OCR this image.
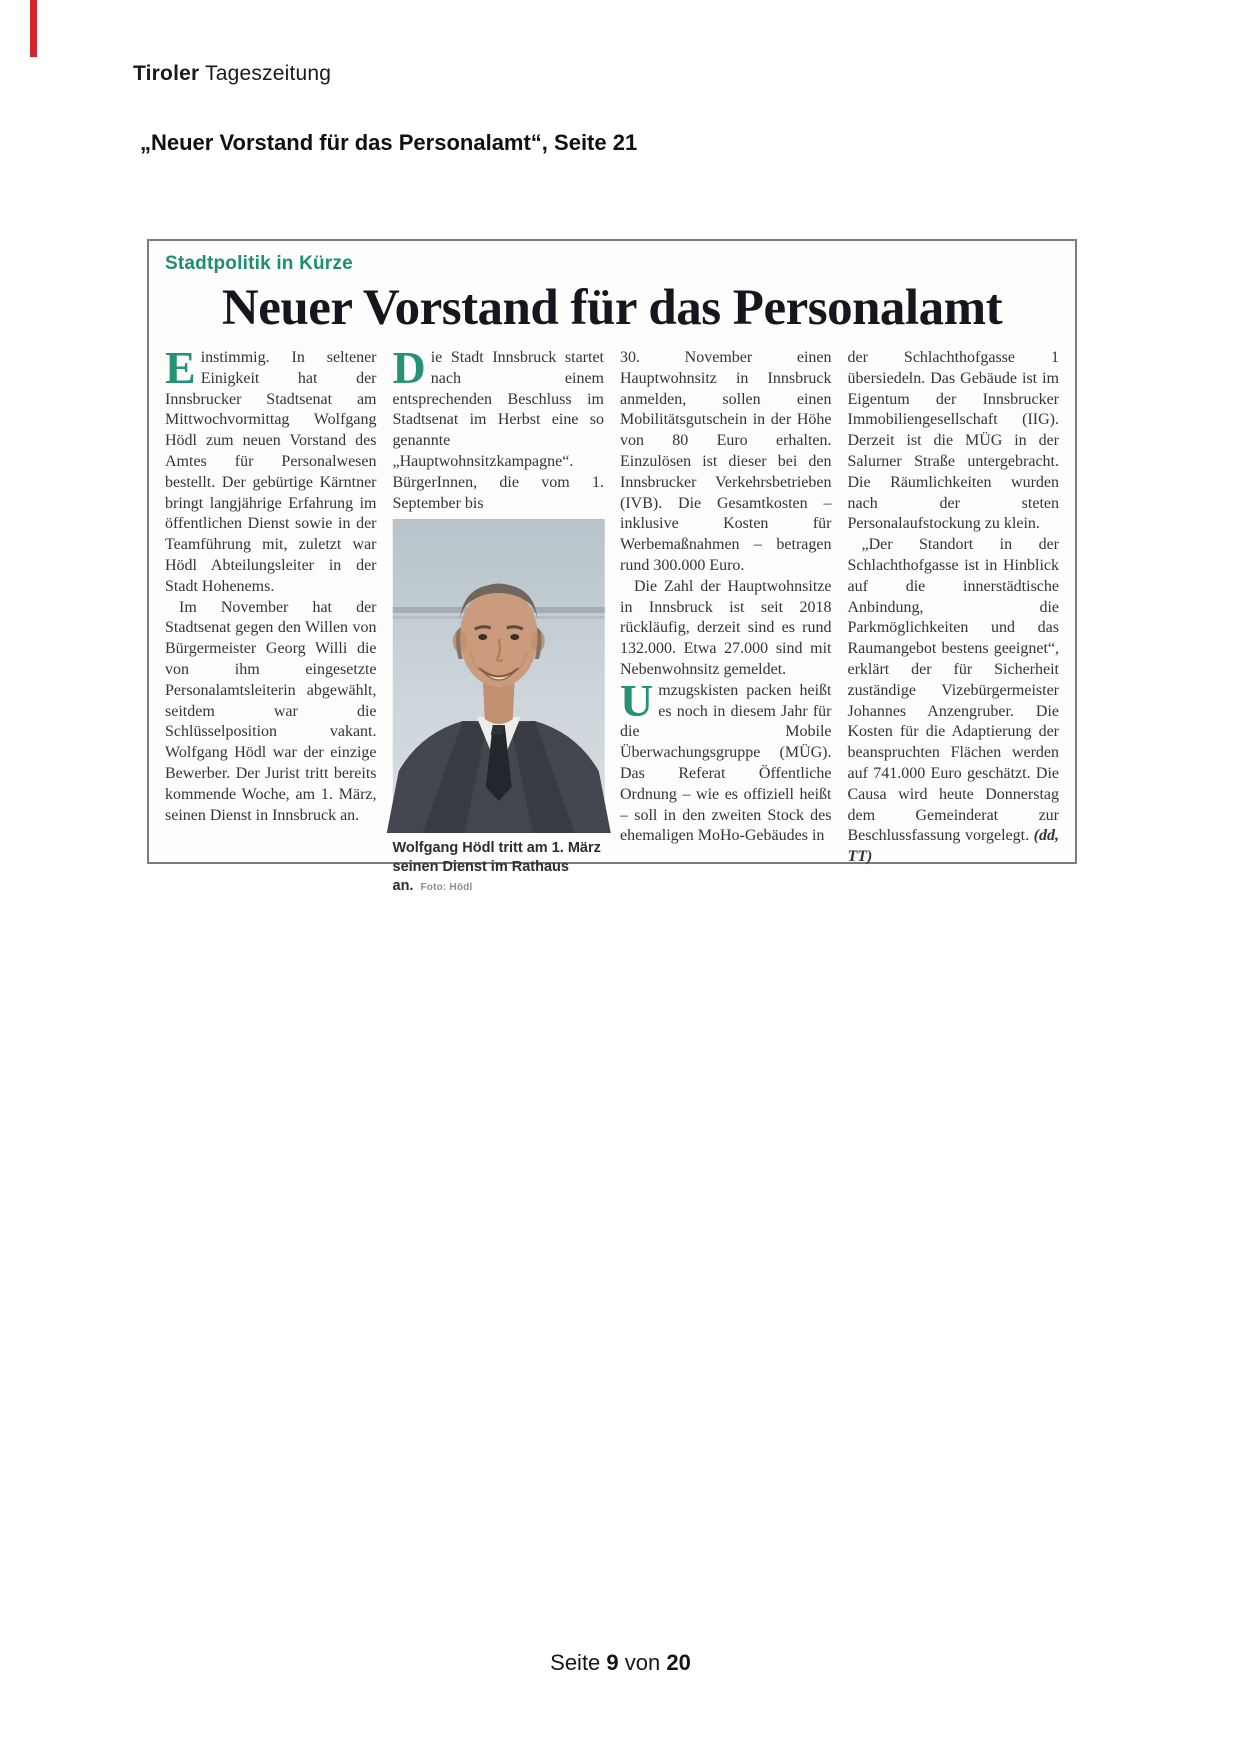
Tiroler Tageszeitung
„Neuer Vorstand für das Personalamt“, Seite 21
Stadtpolitik in Kürze
Neuer Vorstand für das Personalamt

Einstimmig. In seltener Einigkeit hat der Innsbrucker Stadtsenat am Mittwochvormittag Wolfgang Hödl zum neuen Vorstand des Amtes für Personalwesen bestellt. Der gebürtige Kärntner bringt langjährige Erfahrung im öffentlichen Dienst sowie in der Teamführung mit, zuletzt war Hödl Abteilungsleiter in der Stadt Hohenems.

Im November hat der Stadtsenat gegen den Willen von Bürgermeister Georg Willi die von ihm eingesetzte Personalamtsleiterin abgewählt, seitdem war die Schlüsselposition vakant. Wolfgang Hödl war der einzige Bewerber. Der Jurist tritt bereits kommende Woche, am 1. März, seinen Dienst in Innsbruck an.

Die Stadt Innsbruck startet nach einem entsprechenden Beschluss im Stadtsenat im Herbst eine so genannte „Hauptwohnsitzkampagne“. BürgerInnen, die vom 1. September bis

Wolfgang Hödl tritt am 1. März seinen Dienst im Rathaus an. Foto: Hödl

30. November einen Hauptwohnsitz in Innsbruck anmelden, sollen einen Mobilitätsgutschein in der Höhe von 80 Euro erhalten. Einzulösen ist dieser bei den Innsbrucker Verkehrsbetrieben (IVB). Die Gesamtkosten – inklusive Kosten für Werbemaßnahmen – betragen rund 300.000 Euro.

Die Zahl der Hauptwohnsitze in Innsbruck ist seit 2018 rückläufig, derzeit sind es rund 132.000. Etwa 27.000 sind mit Nebenwohnsitz gemeldet.

Umzugskisten packen heißt es noch in diesem Jahr für die Mobile Überwachungsgruppe (MÜG). Das Referat Öffentliche Ordnung – wie es offiziell heißt – soll in den zweiten Stock des ehemaligen MoHo-Gebäudes in

der Schlachthofgasse 1 übersiedeln. Das Gebäude ist im Eigentum der Innsbrucker Immobiliengesellschaft (IIG). Derzeit ist die MÜG in der Salurner Straße untergebracht. Die Räumlichkeiten wurden nach der steten Personalaufstockung zu klein.

„Der Standort in der Schlachthofgasse ist in Hinblick auf die innerstädtische Anbindung, die Parkmöglichkeiten und das Raumangebot bestens geeignet“, erklärt der für Sicherheit zuständige Vizebürgermeister Johannes Anzengruber. Die Kosten für die Adaptierung der beanspruchten Flächen werden auf 741.000 Euro geschätzt. Die Causa wird heute Donnerstag dem Gemeinderat zur Beschlussfassung vorgelegt. (dd, TT)

Seite 9 von 20
